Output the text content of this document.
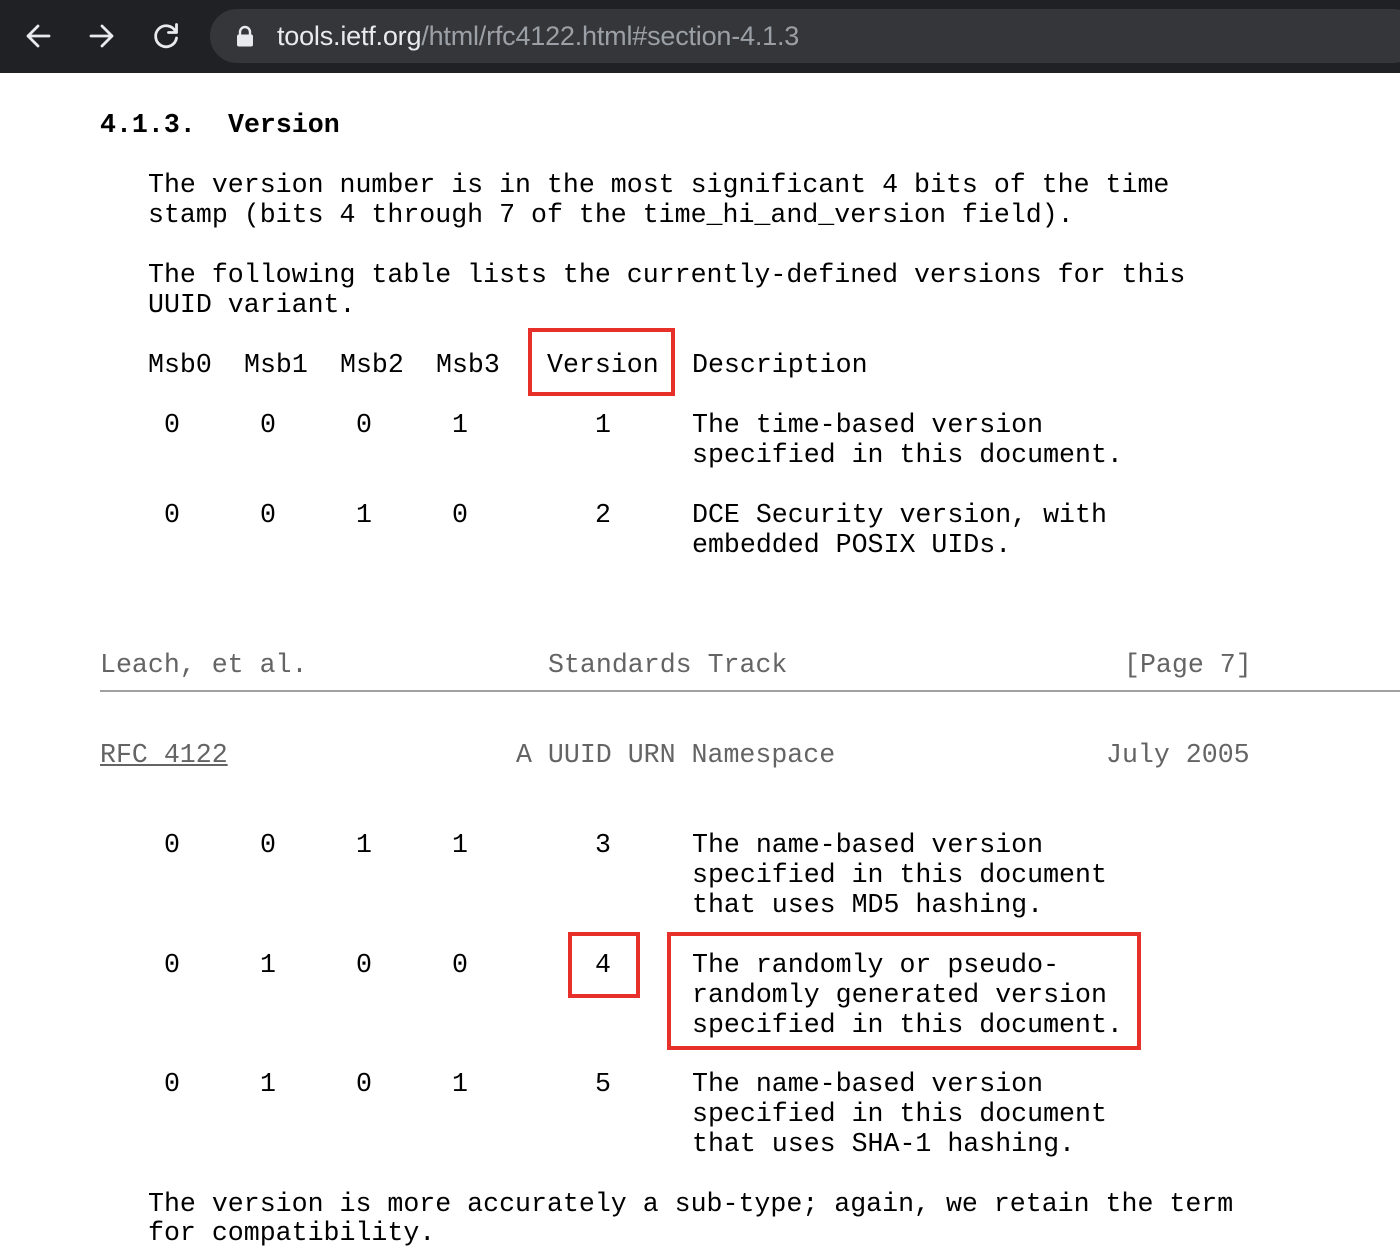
tools.ietf.org/html/rfc4122.html#section-4.1.3
4.1.3. Version
The version number is in the most significant 4 bits of the time
stamp (bits 4 through 7 of the time_hi_and_version field).
The following table lists the currently-defined versions for this
UUID variant.
Msb0 Msb1 Msb2 Msb3 Version Description
0	0	0	1	1	The time-based version
specified in this document.
0	0	1	0	2	DCE Security version, with
embedded POSIX UIDs.
Leach, et al.	Standards Track	[Page 7]
RFC 4122	A UUID URN Namespace	July 2005
0	0	1	1	3	The name-based version
specified in this document
that uses MD5 hashing.
0	1	0	0	4	The randomly or pseudo-
randomly generated version
specified in this document.
0	1	0	1	5	The name-based version
specified in this document
that uses SHA-1 hashing.
The version is more accurately a sub-type; again, we retain the term
for compatibility.
